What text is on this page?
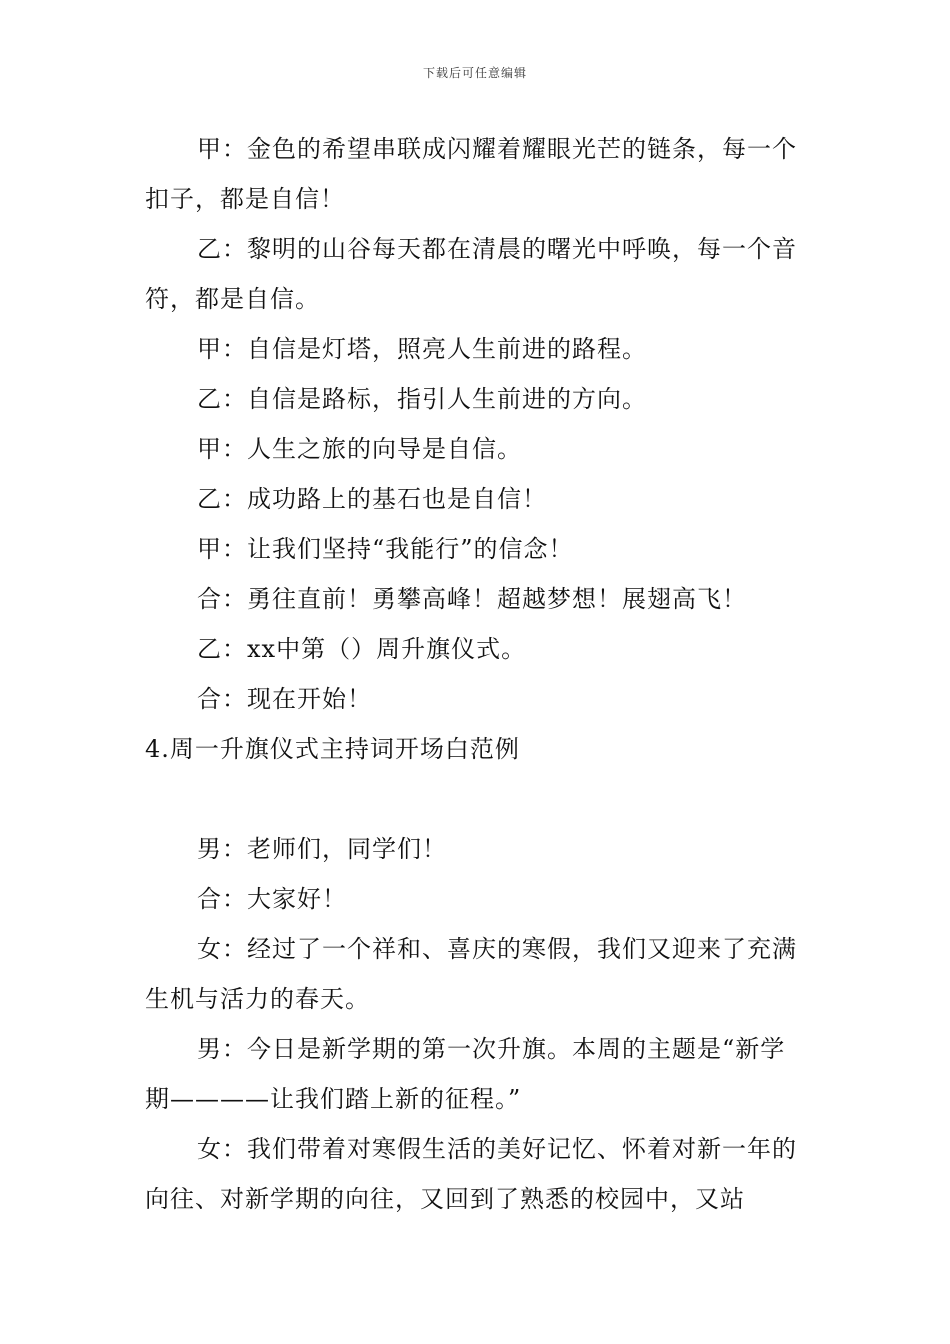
下载后可任意编辑

甲：金色的希望串联成闪耀着耀眼光芒的链条，每一个扣子，都是自信！

乙：黎明的山谷每天都在清晨的曙光中呼唤，每一个音符，都是自信。

甲：自信是灯塔，照亮人生前进的路程。

乙：自信是路标，指引人生前进的方向。

甲：人生之旅的向导是自信。

乙：成功路上的基石也是自信！

甲：让我们坚持“我能行”的信念！

合：勇往直前！勇攀高峰！超越梦想！展翅高飞！

乙：xx中第（）周升旗仪式。

合：现在开始！

4.周一升旗仪式主持词开场白范例

男：老师们，同学们！

合：大家好！

女：经过了一个祥和、喜庆的寒假，我们又迎来了充满生机与活力的春天。

男：今日是新学期的第一次升旗。本周的主题是“新学期————让我们踏上新的征程。”

女：我们带着对寒假生活的美好记忆、怀着对新一年的向往、对新学期的向往，又回到了熟悉的校园中，又站
